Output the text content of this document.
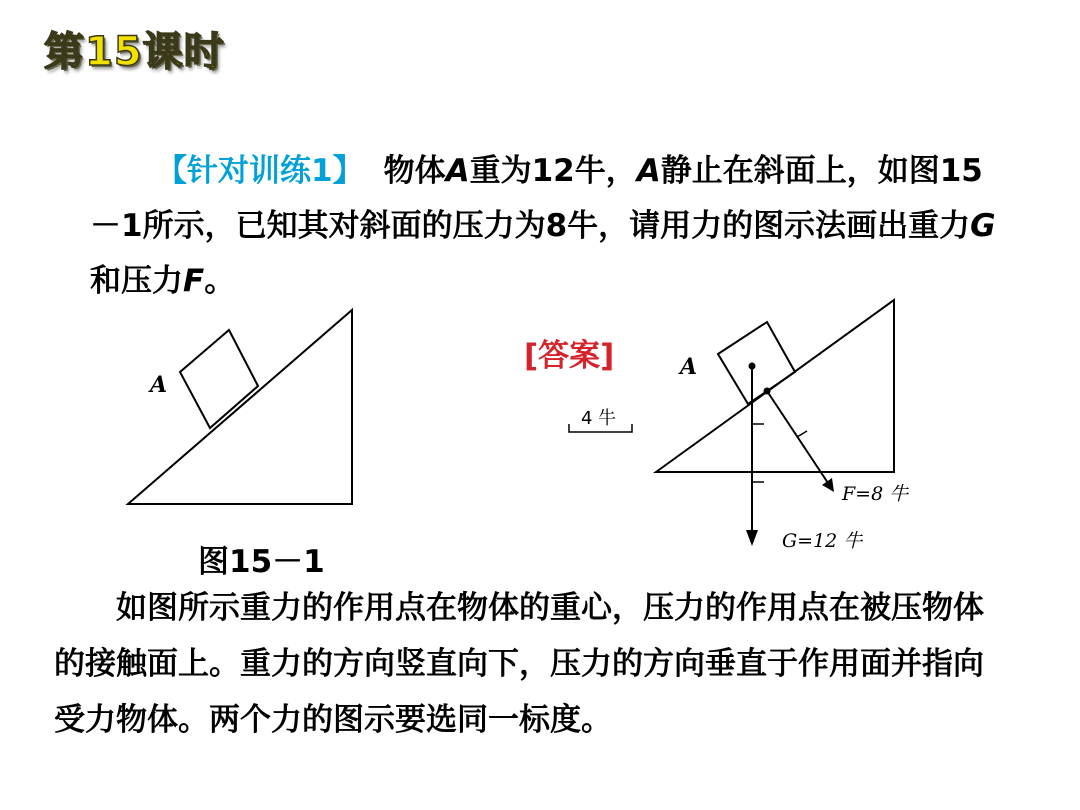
第15课时
【针对训练1】 物体A重为12牛，A静止在斜面上，如图15－1所示，已知其对斜面的压力为8牛，请用力的图示法画出重力G和压力F。
A
4 牛
A
F=8 牛
G=12 牛
[答案]
图15－1
如图所示重力的作用点在物体的重心，压力的作用点在被压物体的接触面上。重力的方向竖直向下，压力的方向垂直于作用面并指向受力物体。两个力的图示要选同一标度。
